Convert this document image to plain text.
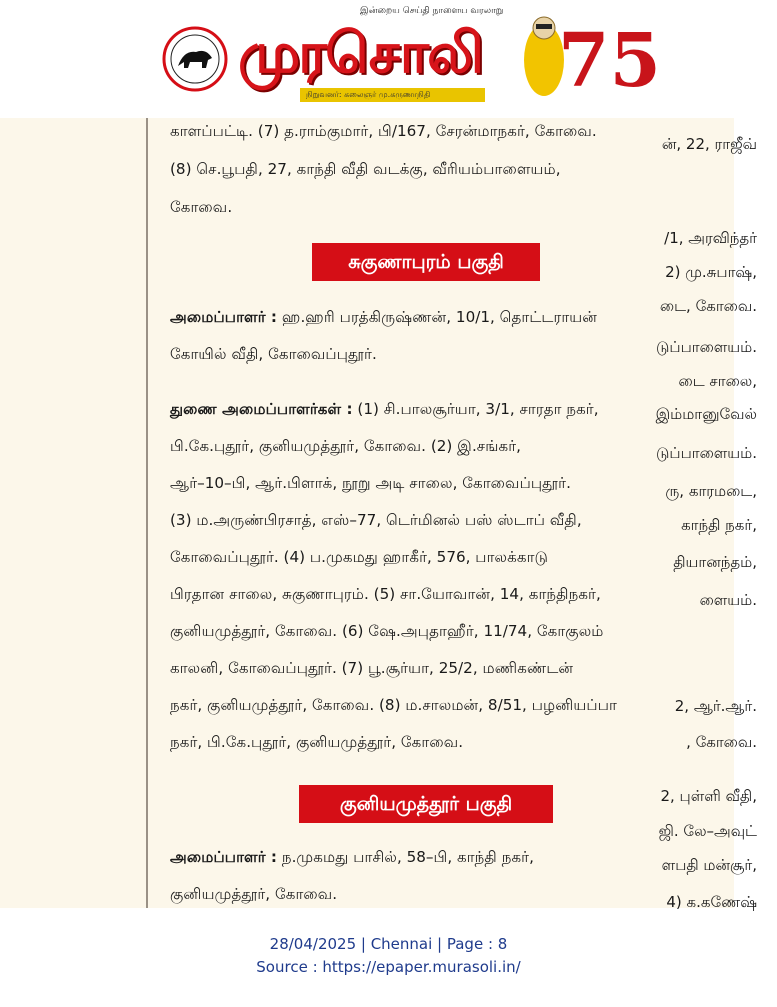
இன்றைய செய்தி நாளைய வரலாறு
முரசொலி
நிறுவனர்: கலைஞர் மு.கருணாநிதி 75
ன், 22, ராஜீவ்
/1, அரவிந்தர்
2) மு.சுபாஷ்,
டை, கோவை.
டுப்பாளையம்.
டை சாலை,
இம்மானுவேல்
டுப்பாளையம்.
ரு, காரமடை,
காந்தி நகர்,
தியானந்தம்,
ளையம்.
2, ஆர்.ஆர்.
, கோவை.
2, புள்ளி வீதி,
ஜி. லே–அவுட்
ளபதி மன்சூர்,
4) க.கணேஷ்
காளப்பட்டி. (7) த.ராம்குமார், பி/167, சேரன்மாநகர், கோவை.
(8) செ.பூபதி, 27, காந்தி வீதி வடக்கு, வீரியம்பாளையம்,
கோவை.
சுகுணாபுரம் பகுதி
அமைப்பாளர் : ஹ.ஹரி பரத்கிருஷ்ணன், 10/1, தொட்டராயன்
கோயில் வீதி, கோவைப்புதூர்.
துணை அமைப்பாளர்கள் : (1) சி.பாலசூர்யா, 3/1, சாரதா நகர்,
பி.கே.புதூர், குனியமுத்தூர், கோவை. (2) இ.சங்கர்,
ஆர்–10–பி, ஆர்.பிளாக், நூறு அடி சாலை, கோவைப்புதூர்.
(3) ம.அருண்பிரசாத், எஸ்–77, டெர்மினல் பஸ் ஸ்டாப் வீதி,
கோவைப்புதூர். (4) ப.முகமது ஹாகீர், 576, பாலக்காடு
பிரதான சாலை, சுகுணாபுரம். (5) சா.யோவான், 14, காந்திநகர்,
குனியமுத்தூர், கோவை. (6) ஷே.அபுதாஹீர், 11/74, கோகுலம்
காலனி, கோவைப்புதூர். (7) பூ.சூர்யா, 25/2, மணிகண்டன்
நகர், குனியமுத்தூர், கோவை. (8) ம.சாலமன், 8/51, பழனியப்பா
நகர், பி.கே.புதூர், குனியமுத்தூர், கோவை.
குனியமுத்தூர் பகுதி
அமைப்பாளர் : ந.முகமது பாசில், 58–பி, காந்தி நகர்,
குனியமுத்தூர், கோவை.
28/04/2025 | Chennai | Page : 8
Source : https://epaper.murasoli.in/
